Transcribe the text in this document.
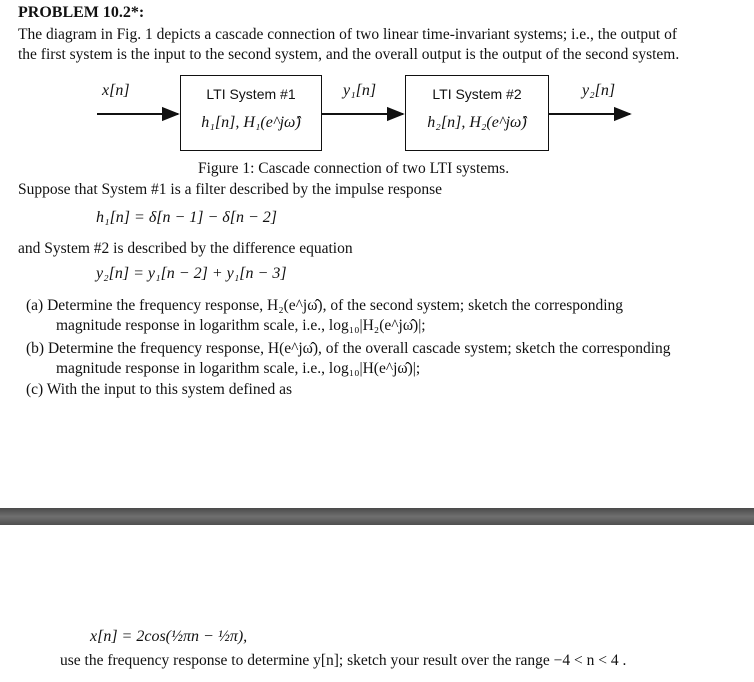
PROBLEM 10.2*:
The diagram in Fig. 1 depicts a cascade connection of two linear time-invariant systems; i.e., the output of
the first system is the input to the second system, and the overall output is the output of the second system.
x[n]	LTI System #1
h₁[n], H₁(e^jω̂)
y₁[n]	LTI System #2
h₂[n], H₂(e^jω̂)
y₂[n]
Figure 1: Cascade connection of two LTI systems.
Suppose that System #1 is a filter described by the impulse response
h₁[n] = δ[n − 1] − δ[n − 2]
and System #2 is described by the difference equation
y₂[n] = y₁[n − 2] + y₁[n − 3]
(a) Determine the frequency response, H₂(e^jω̂), of the second system; sketch the corresponding
magnitude response in logarithm scale, i.e., log₁₀|H₂(e^jω̂)|;
(b) Determine the frequency response, H(e^jω̂), of the overall cascade system; sketch the corresponding
magnitude response in logarithm scale, i.e., log₁₀|H(e^jω̂)|;
(c) With the input to this system defined as
x[n] = 2cos(½πn − ½π),
use the frequency response to determine y[n]; sketch your result over the range −4 < n < 4 .
